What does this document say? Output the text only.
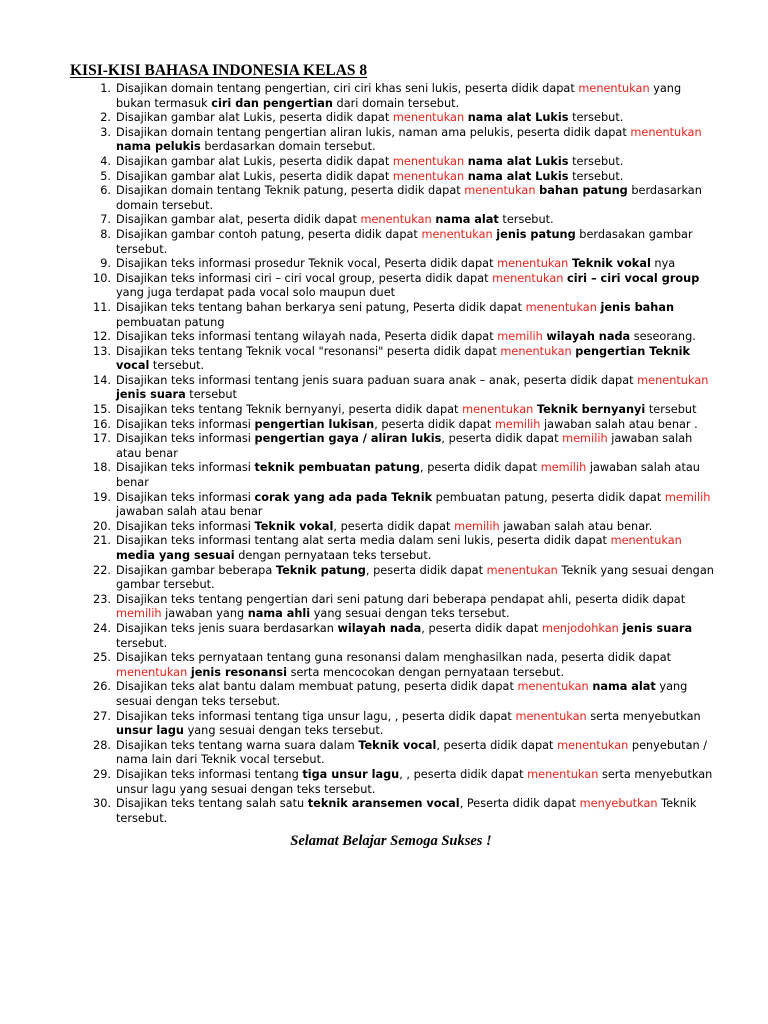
KISI-KISI BAHASA INDONESIA KELAS 8
1. Disajikan domain tentang pengertian, ciri ciri khas seni lukis, peserta didik dapat menentukan yang bukan termasuk ciri dan pengertian dari domain tersebut.
2. Disajikan gambar alat Lukis, peserta didik dapat menentukan nama alat Lukis tersebut.
3. Disajikan domain tentang pengertian aliran lukis, naman ama pelukis, peserta didik dapat menentukan nama pelukis berdasarkan domain tersebut.
4. Disajikan gambar alat Lukis, peserta didik dapat menentukan nama alat Lukis tersebut.
5. Disajikan gambar alat Lukis, peserta didik dapat menentukan nama alat Lukis tersebut.
6. Disajikan domain tentang Teknik patung, peserta didik dapat menentukan bahan patung berdasarkan domain tersebut.
7. Disajikan gambar alat, peserta didik dapat menentukan nama alat tersebut.
8. Disajikan gambar contoh patung, peserta didik dapat menentukan jenis patung berdasakan gambar tersebut.
9. Disajikan teks informasi prosedur Teknik vocal, Peserta didik dapat menentukan Teknik vokal nya
10. Disajikan teks informasi ciri – ciri vocal group, peserta didik dapat menentukan ciri – ciri vocal group yang juga terdapat pada vocal solo maupun duet
11. Disajikan teks tentang bahan berkarya seni patung, Peserta didik dapat menentukan jenis bahan pembuatan patung
12. Disajikan teks informasi tentang wilayah nada, Peserta didik dapat memilih wilayah nada seseorang.
13. Disajikan teks tentang Teknik vocal "resonansi" peserta didik dapat menentukan pengertian Teknik vocal tersebut.
14. Disajikan teks informasi tentang jenis suara paduan suara anak – anak, peserta didik dapat menentukan jenis suara tersebut
15. Disajikan teks tentang Teknik bernyanyi, peserta didik dapat menentukan Teknik bernyanyi tersebut
16. Disajikan teks informasi pengertian lukisan, peserta didik dapat memilih jawaban salah atau benar .
17. Disajikan teks informasi pengertian gaya / aliran lukis, peserta didik dapat memilih jawaban salah atau benar
18. Disajikan teks informasi teknik pembuatan patung, peserta didik dapat memilih jawaban salah atau benar
19. Disajikan teks informasi corak yang ada pada Teknik pembuatan patung, peserta didik dapat memilih jawaban salah atau benar
20. Disajikan teks informasi Teknik vokal, peserta didik dapat memilih jawaban salah atau benar.
21. Disajikan teks informasi tentang alat serta media dalam seni lukis, peserta didik dapat menentukan media yang sesuai dengan pernyataan teks tersebut.
22. Disajikan gambar beberapa Teknik patung, peserta didik dapat menentukan Teknik yang sesuai dengan gambar tersebut.
23. Disajikan teks tentang pengertian dari seni patung dari beberapa pendapat ahli, peserta didik dapat memilih jawaban yang nama ahli yang sesuai dengan teks tersebut.
24. Disajikan teks jenis suara berdasarkan wilayah nada, peserta didik dapat menjodohkan jenis suara tersebut.
25. Disajikan teks pernyataan tentang guna resonansi dalam menghasilkan nada, peserta didik dapat menentukan jenis resonansi serta mencocokan dengan pernyataan tersebut.
26. Disajikan teks alat bantu dalam membuat patung, peserta didik dapat menentukan nama alat yang sesuai dengan teks tersebut.
27. Disajikan teks informasi tentang tiga unsur lagu, , peserta didik dapat menentukan serta menyebutkan unsur lagu yang sesuai dengan teks tersebut.
28. Disajikan teks tentang warna suara dalam Teknik vocal, peserta didik dapat menentukan penyebutan / nama lain dari Teknik vocal tersebut.
29. Disajikan teks informasi tentang tiga unsur lagu, , peserta didik dapat menentukan serta menyebutkan unsur lagu yang sesuai dengan teks tersebut.
30. Disajikan teks tentang salah satu teknik aransemen vocal, Peserta didik dapat menyebutkan Teknik tersebut.

Selamat Belajar Semoga Sukses !
